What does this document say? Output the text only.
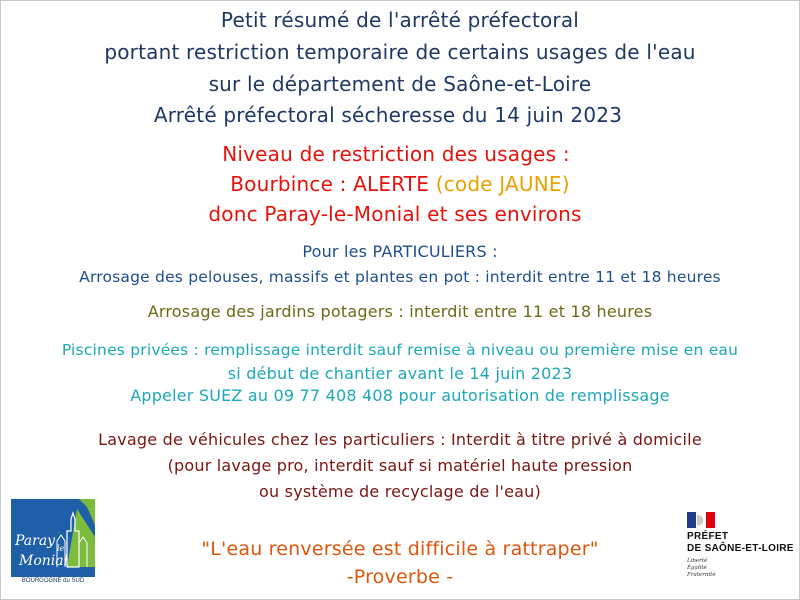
Petit résumé de l'arrêté préfectoral
portant restriction temporaire de certains usages de l'eau
sur le département de Saône-et-Loire
Arrêté préfectoral sécheresse du 14 juin 2023
Niveau de restriction des usages :
Bourbince : ALERTE (code JAUNE)
donc Paray-le-Monial et ses environs
Pour les PARTICULIERS :
Arrosage des pelouses, massifs et plantes en pot : interdit entre 11 et 18 heures
Arrosage des jardins potagers : interdit entre 11 et 18 heures
Piscines privées : remplissage interdit sauf remise à niveau ou première mise en eau
si début de chantier avant le 14 juin 2023
Appeler SUEZ au 09 77 408 408 pour autorisation de remplissage
Lavage de véhicules chez les particuliers : Interdit à titre privé à domicile
(pour lavage pro, interdit sauf si matériel haute pression
ou système de recyclage de l'eau)
"L'eau renversée est difficile à rattraper"
-Proverbe -
Paray le
Monial
BOURGOGNE du SUD
PRÉFET
DE SAÔNE-ET-LOIRE
Liberté
Égalité
Fraternité
